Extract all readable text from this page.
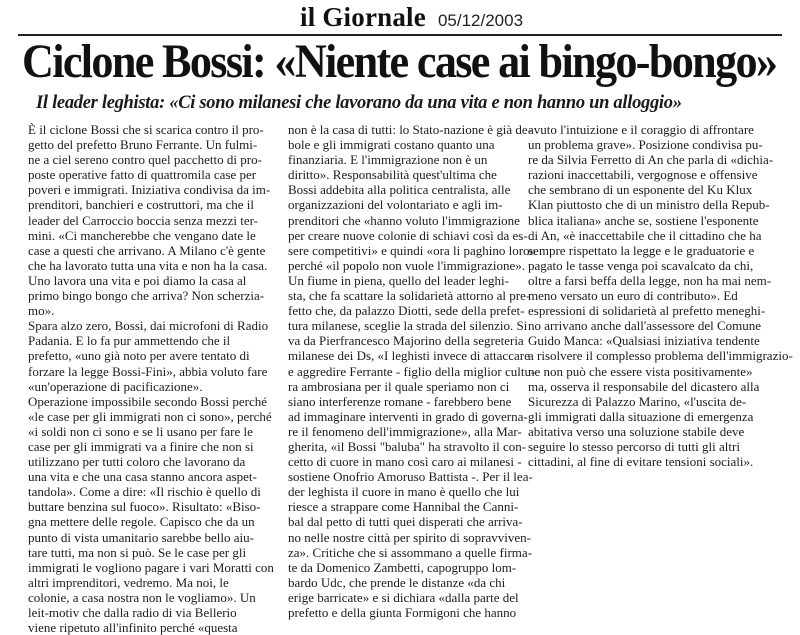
il Giornale 05/12/2003
Ciclone Bossi: «Niente case ai bingo-bongo»
Il leader leghista: «Ci sono milanesi che lavorano da una vita e non hanno un alloggio»

È il ciclone Bossi che si scarica contro il pro-

getto del prefetto Bruno Ferrante. Un fulmi-

ne a ciel sereno contro quel pacchetto di pro-

poste operative fatto di quattromila case per

poveri e immigrati. Iniziativa condivisa da im-

prenditori, banchieri e costruttori, ma che il

leader del Carroccio boccia senza mezzi ter-

mini. «Ci mancherebbe che vengano date le

case a questi che arrivano. A Milano c'è gente

che ha lavorato tutta una vita e non ha la casa.

Uno lavora una vita e poi diamo la casa al

primo bingo bongo che arriva? Non scherzia-

mo».

Spara alzo zero, Bossi, dai microfoni di Radio

Padania. E lo fa pur ammettendo che il

prefetto, «uno già noto per avere tentato di

forzare la legge Bossi-Fini», abbia voluto fare

«un'operazione di pacificazione».

Operazione impossibile secondo Bossi perché

«le case per gli immigrati non ci sono», perché

«i soldi non ci sono e se li usano per fare le

case per gli immigrati va a finire che non si

utilizzano per tutti coloro che lavorano da

una vita e che una casa stanno ancora aspet-

tandola». Come a dire: «Il rischio è quello di

buttare benzina sul fuoco». Risultato: «Biso-

gna mettere delle regole. Capisco che da un

punto di vista umanitario sarebbe bello aiu-

tare tutti, ma non si può. Se le case per gli

immigrati le vogliono pagare i vari Moratti con

altri imprenditori, vedremo. Ma noi, le

colonie, a casa nostra non le vogliamo». Un

leit-motiv che dalla radio di via Bellerio

viene ripetuto all'infinito perché «questa

non è la casa di tutti: lo Stato-nazione è già de-

bole e gli immigrati costano quanto una

finanziaria. E l'immigrazione non è un

diritto». Responsabilità quest'ultima che

Bossi addebita alla politica centralista, alle

organizzazioni del volontariato e agli im-

prenditori che «hanno voluto l'immigrazione

per creare nuove colonie di schiavi così da es-

sere competitivi» e quindi «ora li paghino loro»

perché «il popolo non vuole l'immigrazione».

Un fiume in piena, quello del leader leghi-

sta, che fa scattare la solidarietà attorno al pre-

fetto che, da palazzo Diotti, sede della prefet-

tura milanese, sceglie la strada del silenzio. Si

va da Pierfrancesco Majorino della segreteria

milanese dei Ds, «I leghisti invece di attaccare

e aggredire Ferrante - figlio della miglior cultu-

ra ambrosiana per il quale speriamo non ci

siano interferenze romane - farebbero bene

ad immaginare interventi in grado di governa-

re il fenomeno dell'immigrazione», alla Mar-

gherita, «il Bossi "baluba" ha stravolto il con-

cetto di cuore in mano così caro ai milanesi -

sostiene Onofrio Amoruso Battista -. Per il lea-

der leghista il cuore in mano è quello che lui

riesce a strappare come Hannibal the Canni-

bal dal petto di tutti quei disperati che arriva-

no nelle nostre città per spirito di sopravviven-

za». Critiche che si assommano a quelle firma-

te da Domenico Zambetti, capogruppo lom-

bardo Udc, che prende le distanze «da chi

erige barricate» e si dichiara «dalla parte del

prefetto e della giunta Formigoni che hanno

avuto l'intuizione e il coraggio di affrontare

un problema grave». Posizione condivisa pu-

re da Silvia Ferretto di An che parla di «dichia-

razioni inaccettabili, vergognose e offensive

che sembrano di un esponente del Ku Klux

Klan piuttosto che di un ministro della Repub-

blica italiana» anche se, sostiene l'esponente

di An, «è inaccettabile che il cittadino che ha

sempre rispettato la legge e le graduatorie e

pagato le tasse venga poi scavalcato da chi,

oltre a farsi beffa della legge, non ha mai nem-

meno versato un euro di contributo». Ed

espressioni di solidarietà al prefetto meneghi-

no arrivano anche dall'assessore del Comune

Guido Manca: «Qualsiasi iniziativa tendente

a risolvere il complesso problema dell'immigrazio-

ne non può che essere vista positivamente»

ma, osserva il responsabile del dicastero alla

Sicurezza di Palazzo Marino, «l'uscita de-

gli immigrati dalla situazione di emergenza

abitativa verso una soluzione stabile deve

seguire lo stesso percorso di tutti gli altri

cittadini, al fine di evitare tensioni sociali».
